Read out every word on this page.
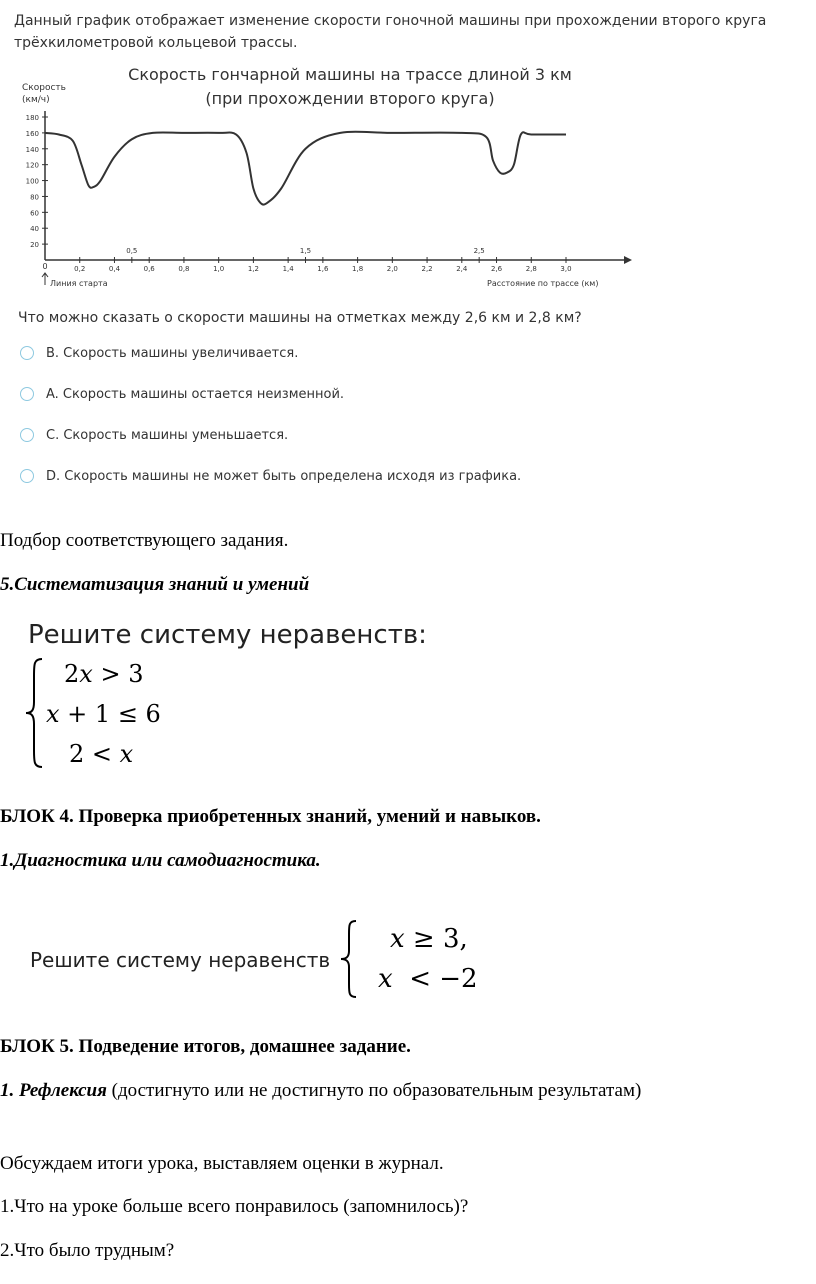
Данный график отображает изменение скорости гоночной машины при прохождении второго круга трёхкилометровой кольцевой трассы.
Скорость гончарной машины на трассе длиной 3 км
(при прохождении второго круга)
Скорость
(км/ч)
20
40
60
80
100
120
140
160
180
0,2	0,4	0,6	0,8	1,0	1,2	1,4	1,6	1,8	2,0	2,2	2,4	2,6	2,8	3,0
0,5	1,5	2,5
0
Линия старта	Расстояние по трассе (км)
Что можно сказать о скорости машины на отметках между 2,6 км и 2,8 км?
B. Скорость машины увеличивается.
A. Скорость машины остается неизменной.
C. Скорость машины уменьшается.
D. Скорость машины не может быть определена исходя из графика.
Подбор соответствующего задания.
5.Систематизация знаний и умений
Решите систему неравенств:
2x > 3
x + 1 ≤ 6
2 < x
БЛОК 4. Проверка приобретенных знаний, умений и навыков.
1.Диагностика или самодиагностика.
Решите систему неравенств
x ≥ 3,
x  < −2
БЛОК 5. Подведение итогов, домашнее задание.
1. Рефлексия (достигнуто или не достигнуто по образовательным результатам)
Обсуждаем итоги урока, выставляем оценки в журнал.
1.Что на уроке больше всего понравилось (запомнилось)?
2.Что было трудным?
